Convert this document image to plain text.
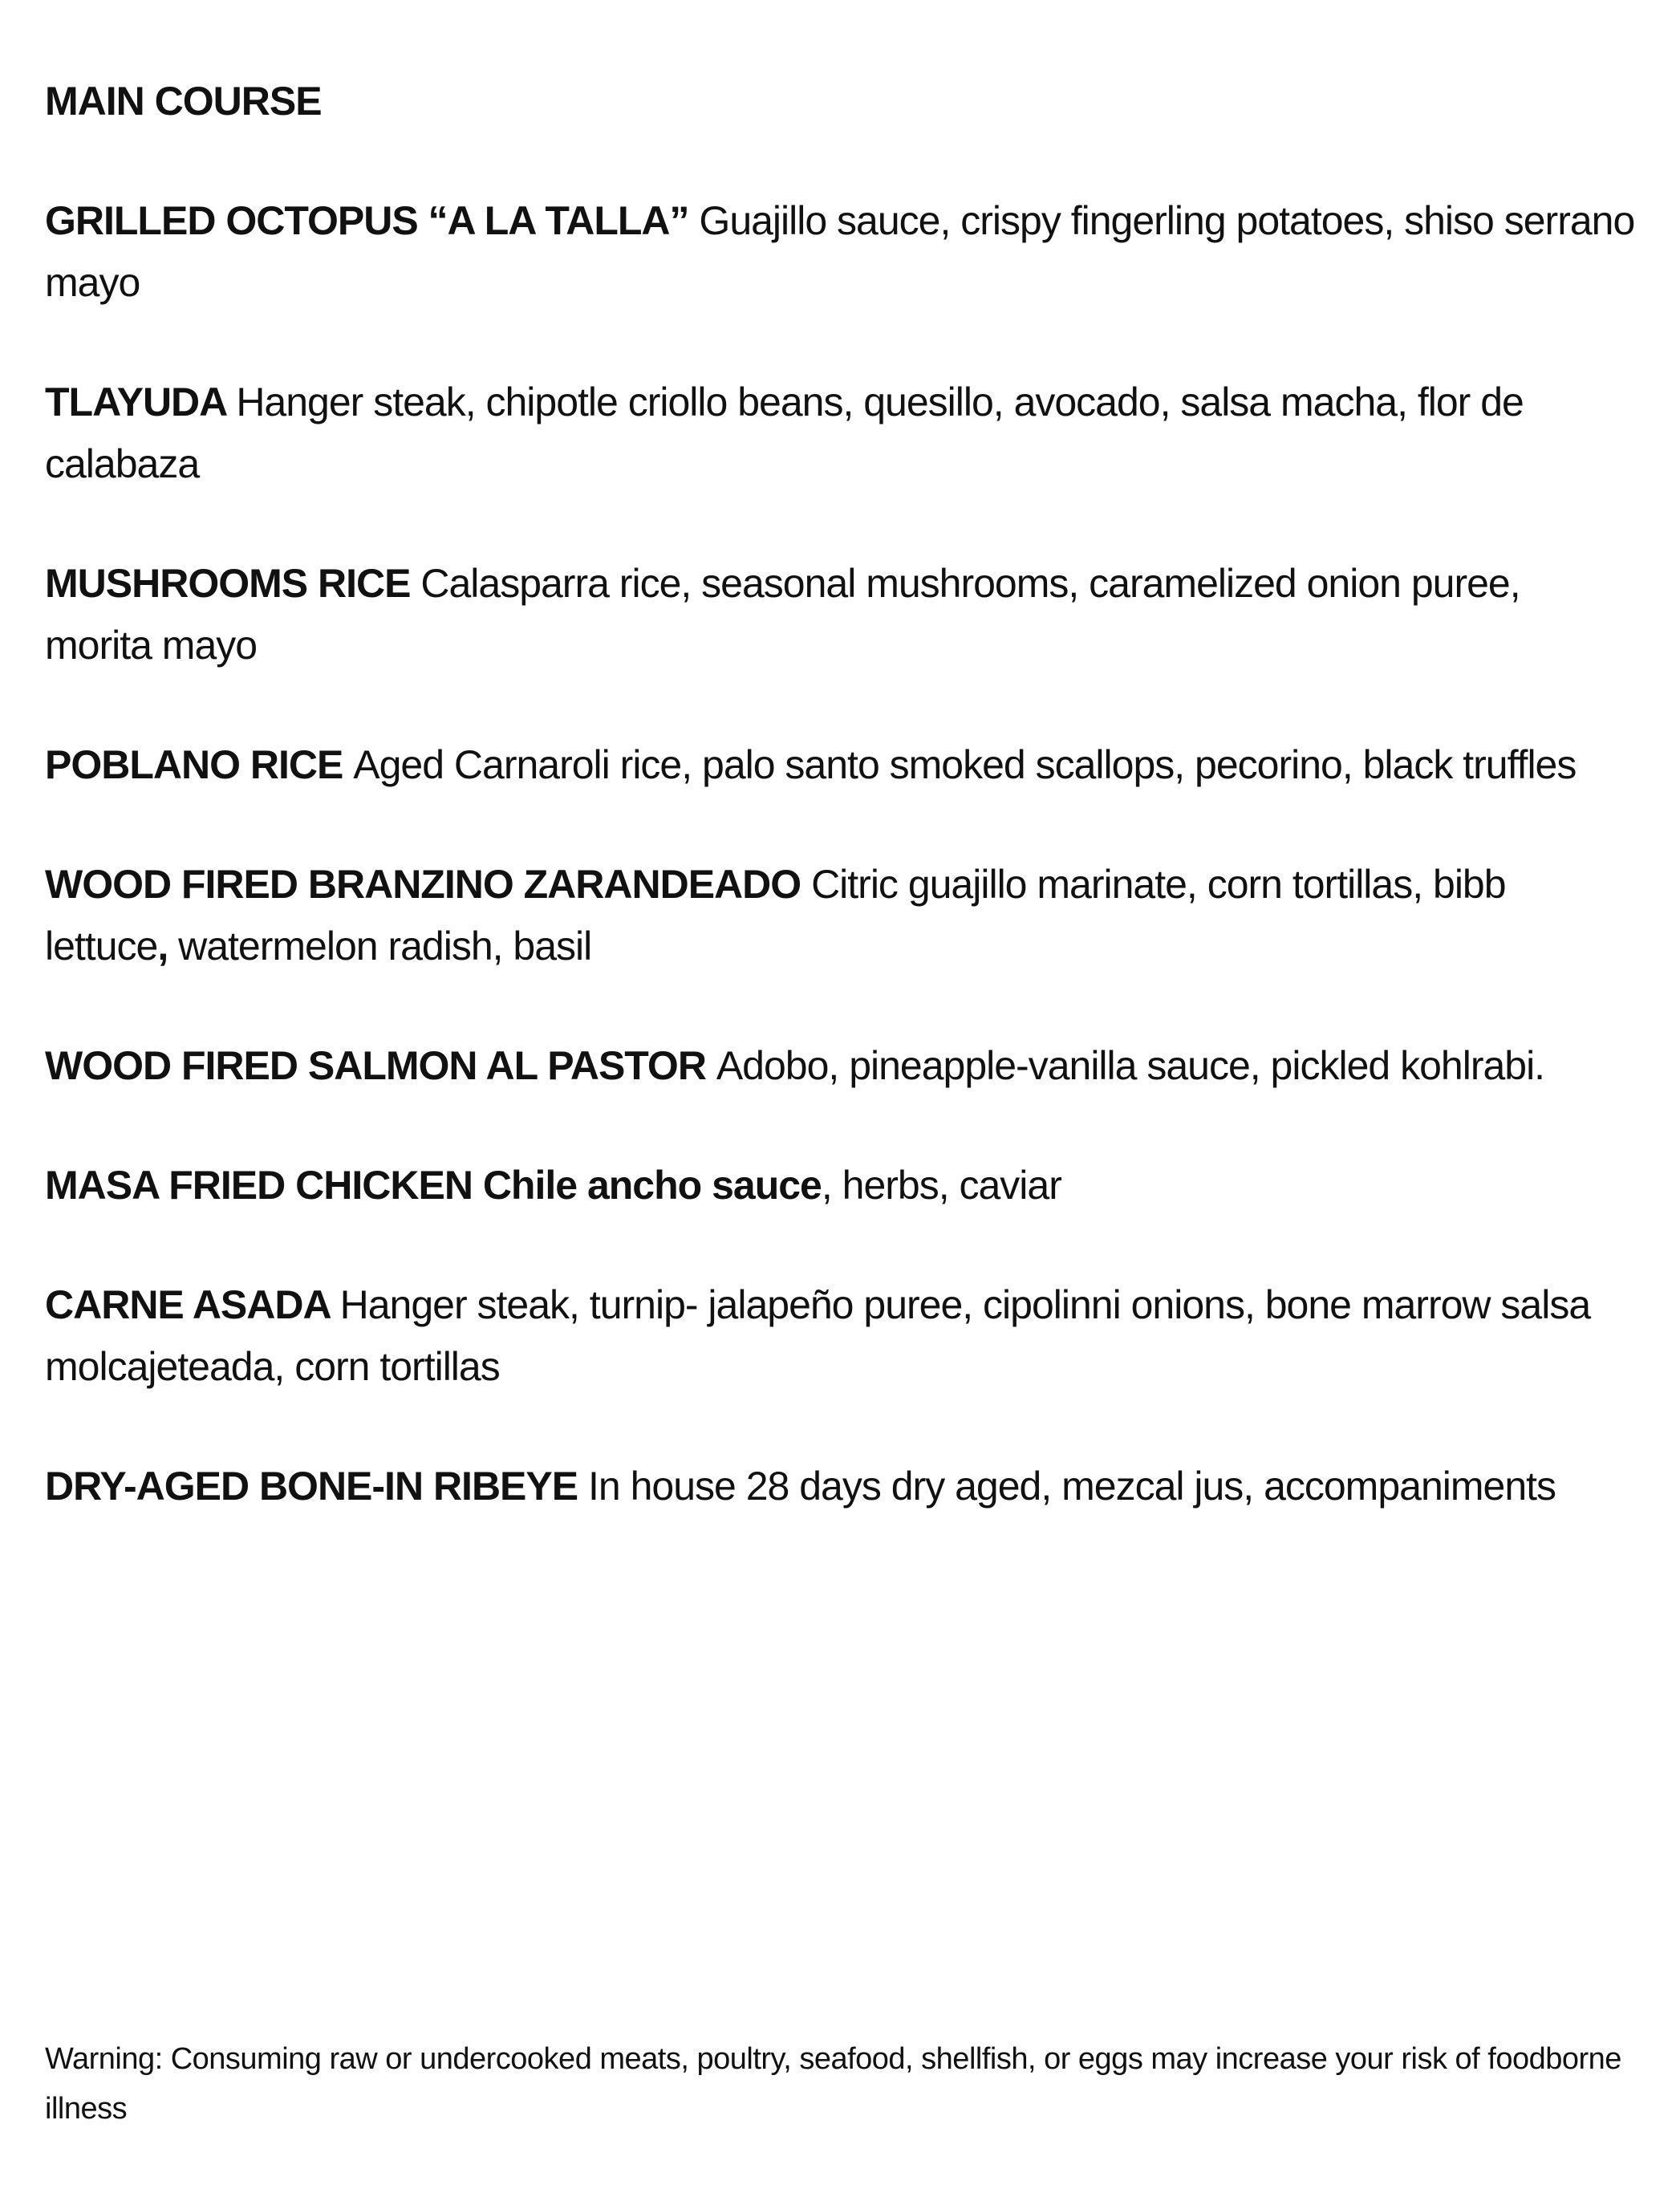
MAIN COURSE

GRILLED OCTOPUS “A LA TALLA” Guajillo sauce, crispy fingerling potatoes, shiso serrano mayo

TLAYUDA Hanger steak, chipotle criollo beans, quesillo, avocado, salsa macha, flor de calabaza

MUSHROOMS RICE Calasparra rice, seasonal mushrooms, caramelized onion puree, morita mayo

POBLANO RICE Aged Carnaroli rice, palo santo smoked scallops, pecorino, black truffles

WOOD FIRED BRANZINO ZARANDEADO Citric guajillo marinate, corn tortillas, bibb lettuce, watermelon radish, basil

WOOD FIRED SALMON AL PASTOR Adobo, pineapple-vanilla sauce, pickled kohlrabi.

MASA FRIED CHICKEN Chile ancho sauce, herbs, caviar

CARNE ASADA Hanger steak, turnip- jalapeño puree, cipolinni onions, bone marrow salsa molcajeteada, corn tortillas

DRY-AGED BONE-IN RIBEYE In house 28 days dry aged, mezcal jus, accompaniments

Warning: Consuming raw or undercooked meats, poultry, seafood, shellfish, or eggs may increase your risk of foodborne illness
